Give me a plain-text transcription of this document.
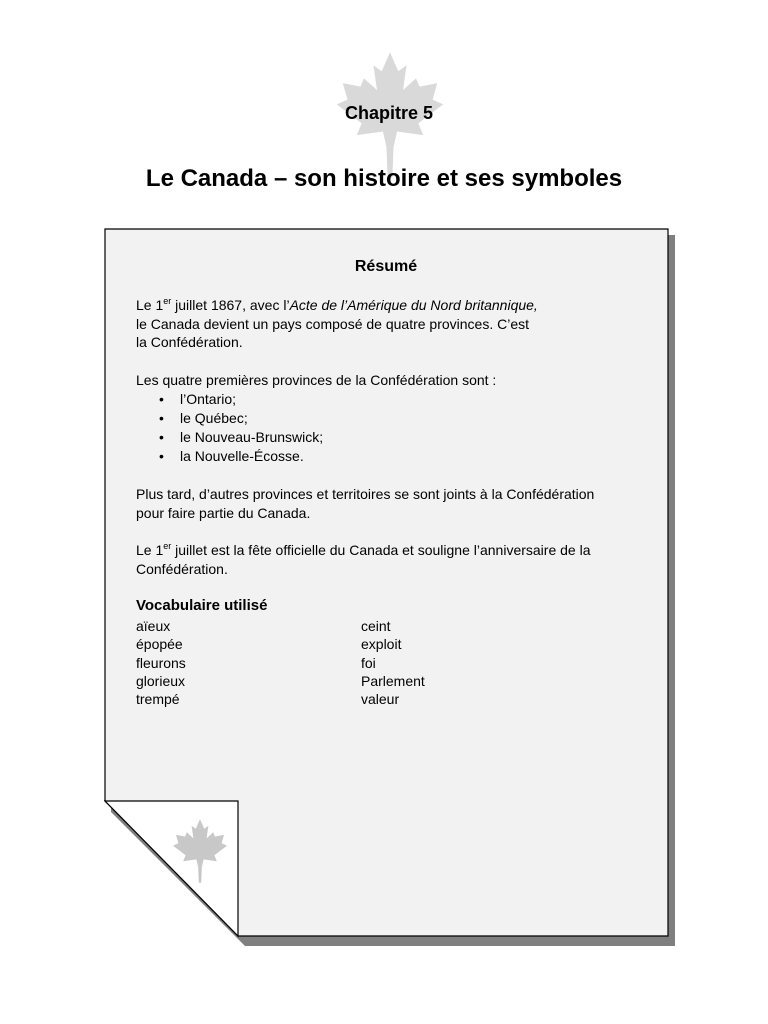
Chapitre 5
Le Canada – son histoire et ses symboles
Résumé
Le 1er juillet 1867, avec l’Acte de l’Amérique du Nord britannique,
le Canada devient un pays composé de quatre provinces. C’est
la Confédération.
Les quatre premières provinces de la Confédération sont :
• l’Ontario;
• le Québec;
• le Nouveau-Brunswick;
• la Nouvelle-Écosse.
Plus tard, d’autres provinces et territoires se sont joints à la Confédération
pour faire partie du Canada.
Le 1er juillet est la fête officielle du Canada et souligne l’anniversaire de la
Confédération.
Vocabulaire utilisé
aïeux
épopée
fleurons
glorieux
trempé
ceint
exploit
foi
Parlement
valeur
